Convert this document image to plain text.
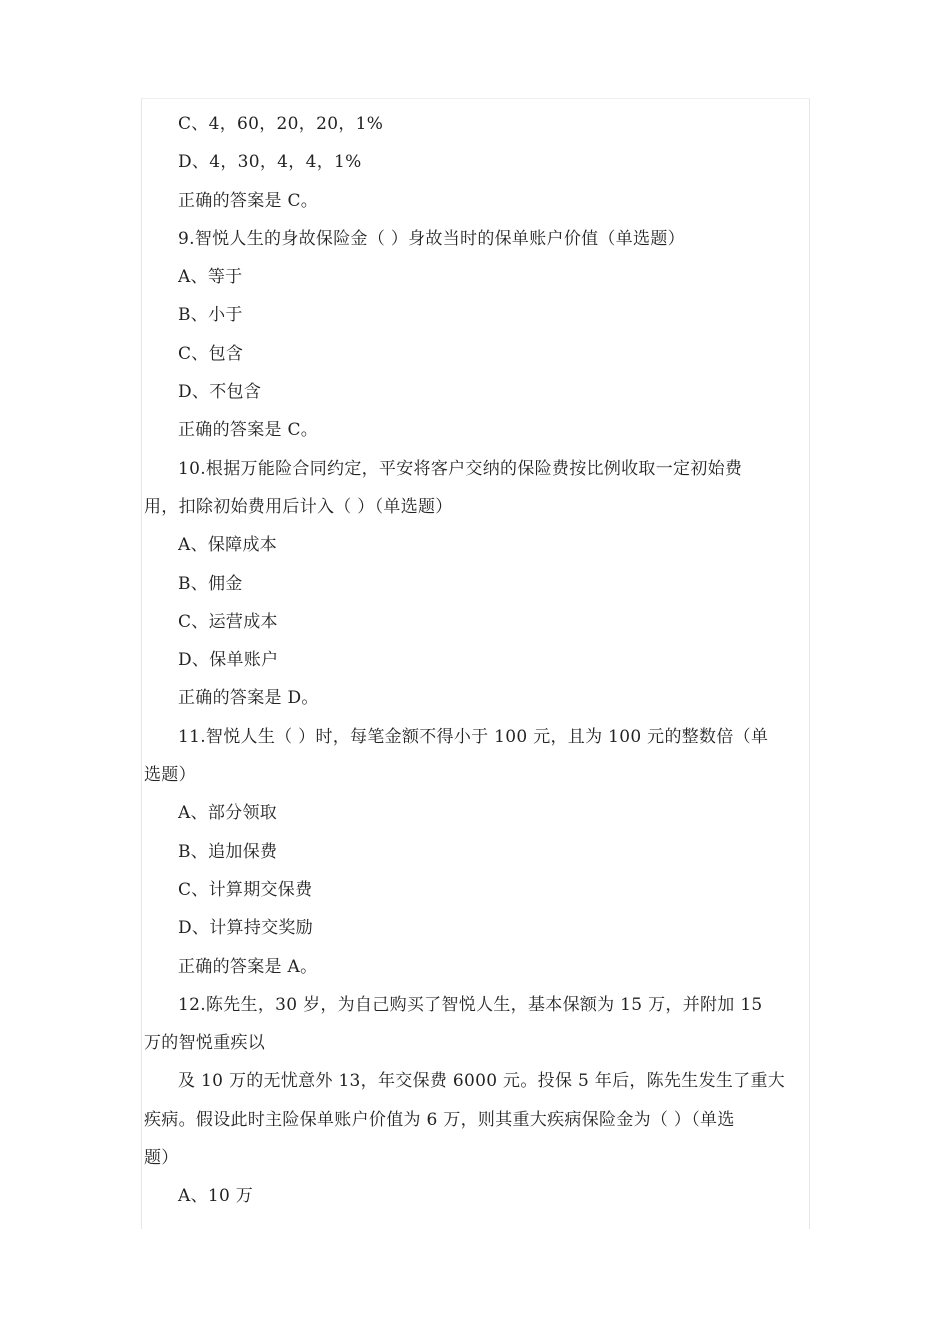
C、4，60，20，20，1%
D、4，30，4，4，1%
正确的答案是 C。
9.智悦人生的身故保险金（ ）身故当时的保单账户价值（单选题）
A、等于
B、小于
C、包含
D、不包含
正确的答案是 C。
10.根据万能险合同约定，平安将客户交纳的保险费按比例收取一定初始费
用，扣除初始费用后计入（ ）（单选题）
A、保障成本
B、佣金
C、运营成本
D、保单账户
正确的答案是 D。
11.智悦人生（ ）时，每笔金额不得小于 100 元，且为 100 元的整数倍（单
选题）
A、部分领取
B、追加保费
C、计算期交保费
D、计算持交奖励
正确的答案是 A。
12.陈先生，30 岁，为自己购买了智悦人生，基本保额为 15 万，并附加 15
万的智悦重疾以
及 10 万的无忧意外 13，年交保费 6000 元。投保 5 年后，陈先生发生了重大
疾病。假设此时主险保单账户价值为 6 万，则其重大疾病保险金为（ ）（单选
题）
A、10 万
